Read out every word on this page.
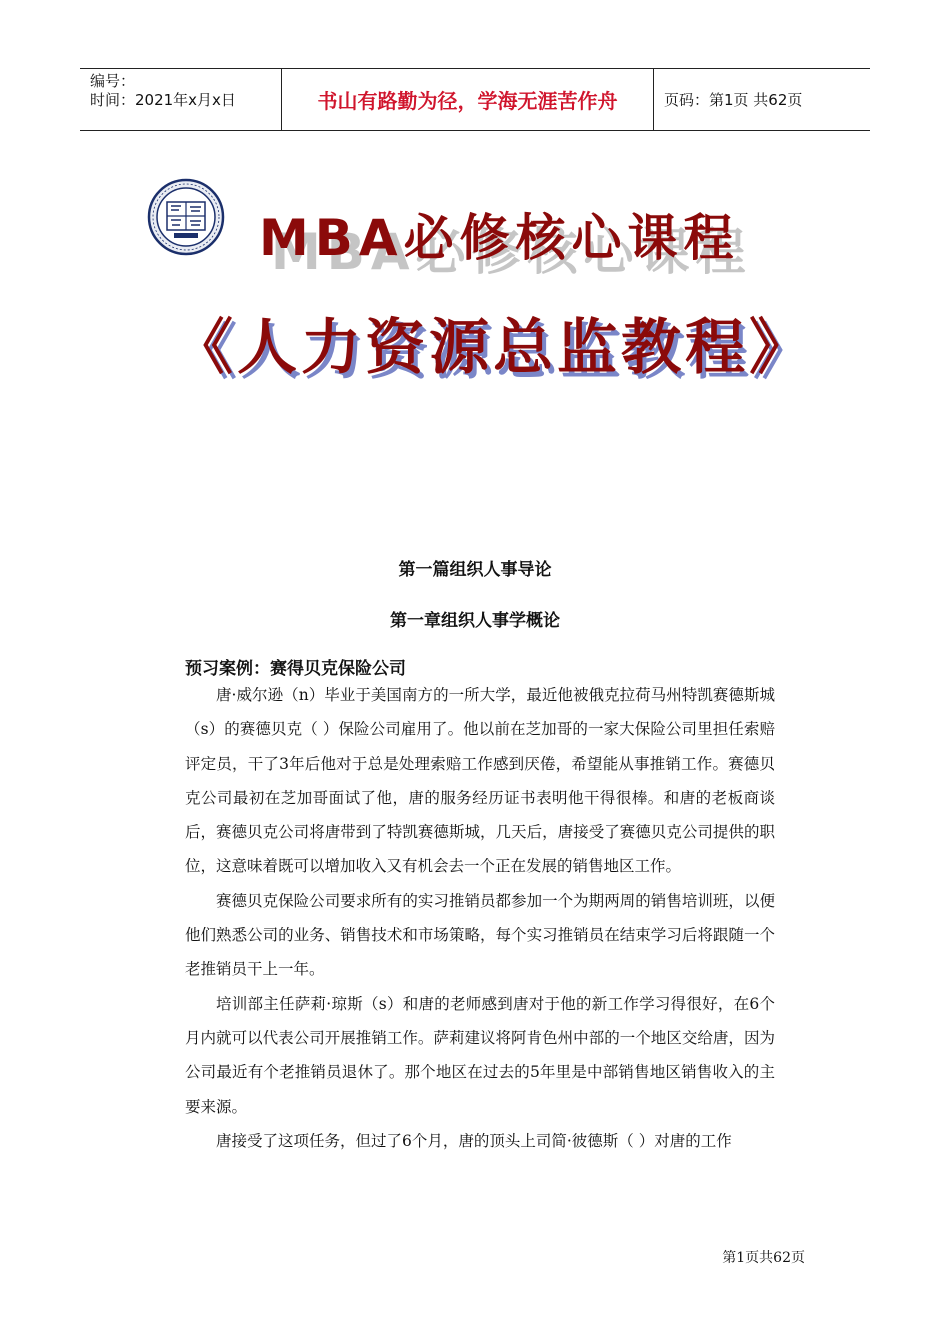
编号：
时间：2021年x月x日	书山有路勤为径，学海无涯苦作舟	页码：第1页 共62页
MBA必修核心课程
《人力资源总监教程》
第一篇组织人事导论
第一章组织人事学概论
预习案例：赛得贝克保险公司

唐·威尔逊（n）毕业于美国南方的一所大学，最近他被俄克拉荷马州特凯赛德斯城（s）的赛德贝克（ ）保险公司雇用了。他以前在芝加哥的一家大保险公司里担任索赔评定员，干了3年后他对于总是处理索赔工作感到厌倦，希望能从事推销工作。赛德贝克公司最初在芝加哥面试了他，唐的服务经历证书表明他干得很棒。和唐的老板商谈后，赛德贝克公司将唐带到了特凯赛德斯城，几天后，唐接受了赛德贝克公司提供的职位，这意味着既可以增加收入又有机会去一个正在发展的销售地区工作。

赛德贝克保险公司要求所有的实习推销员都参加一个为期两周的销售培训班，以便他们熟悉公司的业务、销售技术和市场策略，每个实习推销员在结束学习后将跟随一个老推销员干上一年。

培训部主任萨莉·琼斯（s）和唐的老师感到唐对于他的新工作学习得很好，在6个月内就可以代表公司开展推销工作。萨莉建议将阿肯色州中部的一个地区交给唐，因为公司最近有个老推销员退休了。那个地区在过去的5年里是中部销售地区销售收入的主要来源。

唐接受了这项任务，但过了6个月，唐的顶头上司简·彼德斯（ ）对唐的工作

第1页共62页
